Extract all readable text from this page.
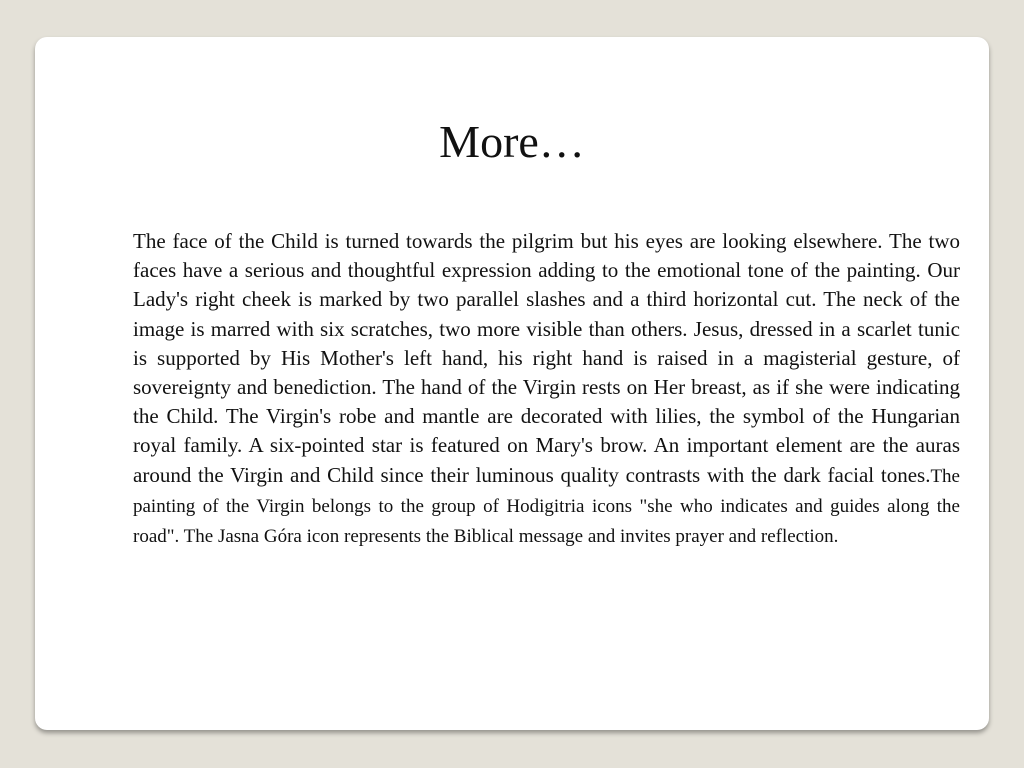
More…

The face of the Child is turned towards the pilgrim but his eyes are looking elsewhere. The two faces have a serious and thoughtful expression adding to the emotional tone of the painting. Our Lady's right cheek is marked by two parallel slashes and a third horizontal cut. The neck of the image is marred with six scratches, two more visible than others. Jesus, dressed in a scarlet tunic is supported by His Mother's left hand, his right hand is raised in a magisterial gesture, of sovereignty and benediction. The hand of the Virgin rests on Her breast, as if she were indicating the Child. The Virgin's robe and mantle are decorated with lilies, the symbol of the Hungarian royal family. A six-pointed star is featured on Mary's brow. An important element are the auras around the Virgin and Child since their luminous quality contrasts with the dark facial tones.The painting of the Virgin belongs to the group of Hodigitria icons "she who indicates and guides along the road". The Jasna Góra icon represents the Biblical message and invites prayer and reflection.
